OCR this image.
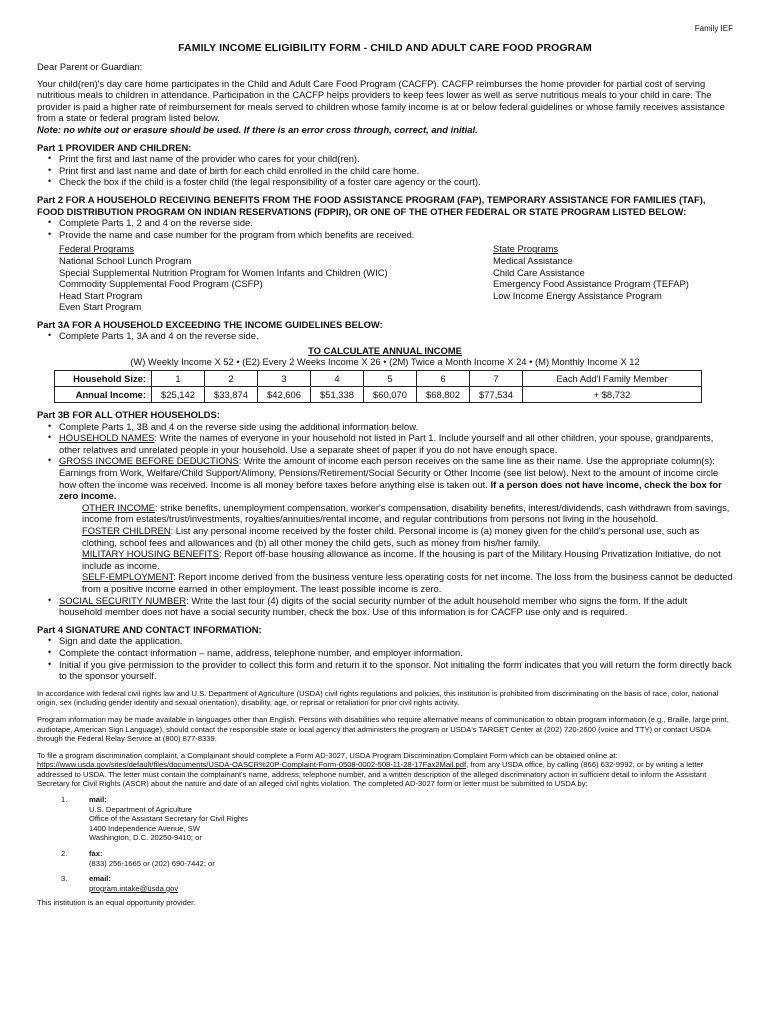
Family IEF
FAMILY INCOME ELIGIBILITY FORM - CHILD AND ADULT CARE FOOD PROGRAM

Dear Parent or Guardian:

Your child(ren)'s day care home participates in the Child and Adult Care Food Program (CACFP). CACFP reimburses the home provider for partial cost of serving nutritious meals to children in attendance. Participation in the CACFP helps providers to keep fees lower as well as serve nutritious meals to your child in care. The provider is paid a higher rate of reimbursement for meals served to children whose family income is at or below federal guidelines or whose family receives assistance from a state or federal program listed below.

Note: no white out or erasure should be used. If there is an error cross through, correct, and initial.

Part 1 PROVIDER AND CHILDREN:
• Print the first and last name of the provider who cares for your child(ren).
• Print first and last name and date of birth for each child enrolled in the child care home.
• Check the box if the child is a foster child (the legal responsibility of a foster care agency or the court).
Part 2 FOR A HOUSEHOLD RECEIVING BENEFITS FROM THE FOOD ASSISTANCE PROGRAM (FAP), TEMPORARY ASSISTANCE FOR FAMILIES (TAF), FOOD DISTRIBUTION PROGRAM ON INDIAN RESERVATIONS (FDPIR), OR ONE OF THE OTHER FEDERAL OR STATE PROGRAM LISTED BELOW:
• Complete Parts 1, 2 and 4 on the reverse side.
• Provide the name and case number for the program from which benefits are received.
Federal Programs
National School Lunch Program
Special Supplemental Nutrition Program for Women Infants and Children (WIC)
Commodity Supplemental Food Program (CSFP)
Head Start Program
Even Start Program
State Programs
Medical Assistance
Child Care Assistance
Emergency Food Assistance Program (TEFAP)
Low Income Energy Assistance Program
Part 3A FOR A HOUSEHOLD EXCEEDING THE INCOME GUIDELINES BELOW:
• Complete Parts 1, 3A and 4 on the reverse side.
TO CALCULATE ANNUAL INCOME
(W) Weekly Income X 52 • (E2) Every 2 Weeks Income X 26 • (2M) Twice a Month Income X 24 • (M) Monthly Income X 12
Household Size:	1	2	3	4	5	6	7	Each Add'l Family Member
Annual Income:	$25,142	$33,874	$42,606	$51,338	$60,070	$68,802	$77,534	+ $8,732
Part 3B FOR ALL OTHER HOUSEHOLDS:
• Complete Parts 1, 3B and 4 on the reverse side using the additional information below.
• HOUSEHOLD NAMES: Write the names of everyone in your household not listed in Part 1. Include yourself and all other children, your spouse, grandparents, other relatives and unrelated people in your household. Use a separate sheet of paper if you do not have enough space.
• GROSS INCOME BEFORE DEDUCTIONS: Write the amount of income each person receives on the same line as their name. Use the appropriate column(s): Earnings from Work, Welfare/Child Support/Alimony, Pensions/Retirement/Social Security or Other Income (see list below). Next to the amount of income circle how often the income was received. Income is all money before taxes before anything else is taken out. If a person does not have income, check the box for zero income.

OTHER INCOME: strike benefits, unemployment compensation, worker's compensation, disability benefits, interest/dividends, cash withdrawn from savings, income from estates/trust/investments, royalties/annuities/rental income, and regular contributions from persons not living in the household.

FOSTER CHILDREN: List any personal income received by the foster child. Personal income is (a) money given for the child's personal use, such as clothing, school fees and allowances and (b) all other money the child gets, such as money from his/her family.

MILITARY HOUSING BENEFITS: Report off-base housing allowance as income. If the housing is part of the Military Housing Privatization Initiative, do not include as income.

SELF-EMPLOYMENT: Report income derived from the business venture less operating costs for net income. The loss from the business cannot be deducted from a positive income earned in other employment. The least possible income is zero.

• SOCIAL SECURITY NUMBER: Write the last four (4) digits of the social security number of the adult household member who signs the form. If the adult household member does not have a social security number, check the box. Use of this information is for CACFP use only and is required.
Part 4 SIGNATURE AND CONTACT INFORMATION:
• Sign and date the application.
• Complete the contact information – name, address, telephone number, and employer information.
• Initial if you give permission to the provider to collect this form and return it to the sponsor. Not initialing the form indicates that you will return the form directly back to the sponsor yourself.

In accordance with federal civil rights law and U.S. Department of Agriculture (USDA) civil rights regulations and policies, this institution is prohibited from discriminating on the basis of race, color, national origin, sex (including gender identity and sexual orientation), disability, age, or reprisal or retaliation for prior civil rights activity.

Program information may be made available in languages other than English. Persons with disabilities who require alternative means of communication to obtain program information (e.g., Braille, large print, audiotape, American Sign Language), should contact the responsible state or local agency that administers the program or USDA's TARGET Center at (202) 720-2600 (voice and TTY) or contact USDA through the Federal Relay Service at (800) 877-8339.

To file a program discrimination complaint, a Complainant should complete a Form AD-3027, USDA Program Discrimination Complaint Form which can be obtained online at: https://www.usda.gov/sites/default/files/documents/USDA-OASCR%20P-Complaint-Form-0508-0002-508-11-28-17Fax2Mail.pdf, from any USDA office, by calling (866) 632-9992, or by writing a letter addressed to USDA. The letter must contain the complainant's name, address, telephone number, and a written description of the alleged discriminatory action in sufficient detail to inform the Assistant Secretary for Civil Rights (ASCR) about the nature and date of an alleged civil rights violation. The completed AD-3027 form or letter must be submitted to USDA by:

1.	mail:
U.S. Department of Agriculture
Office of the Assistant Secretary for Civil Rights
1400 Independence Avenue, SW
Washington, D.C. 20250-9410; or
2.	fax:
(833) 256-1665 or (202) 690-7442; or
3.	email:
program.intake@usda.gov

This institution is an equal opportunity provider.
